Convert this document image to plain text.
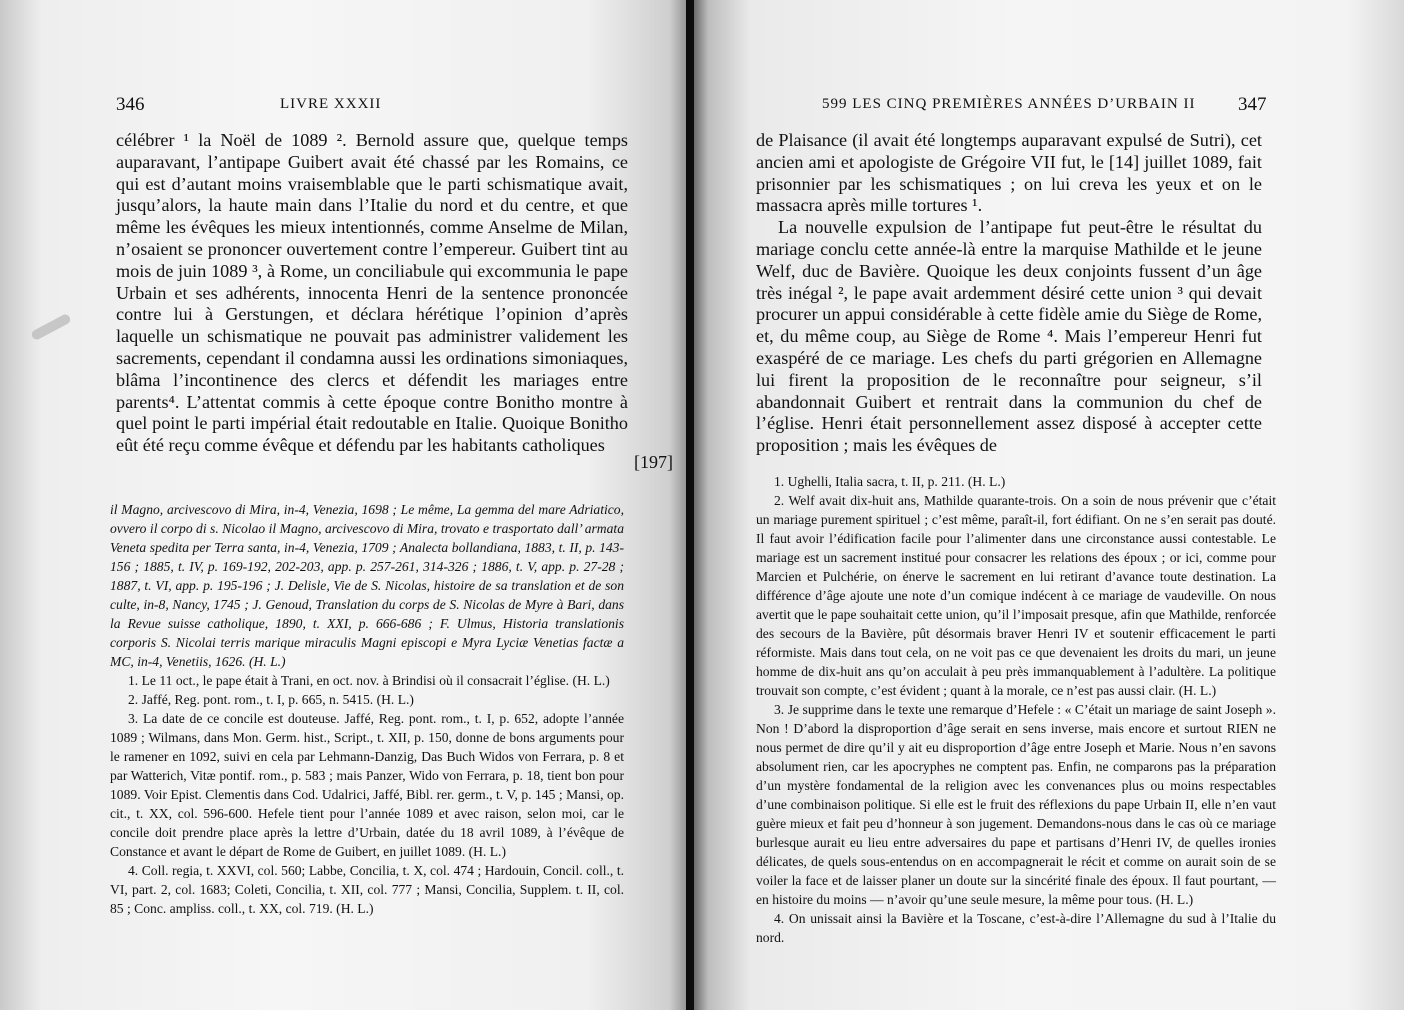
346	LIVRE XXXII

célébrer ¹ la Noël de 1089 ². Bernold assure que, quelque temps auparavant, l’antipape Guibert avait été chassé par les Romains, ce qui est d’autant moins vraisemblable que le parti schismatique avait, jusqu’alors, la haute main dans l’Italie du nord et du centre, et que même les évêques les mieux intentionnés, comme Anselme de Milan, n’osaient se prononcer ouvertement contre l’empereur. Guibert tint au mois de juin 1089 ³, à Rome, un conciliabule qui excommunia le pape Urbain et ses adhérents, innocenta Henri de la sentence prononcée contre lui à Gerstungen, et déclara hérétique l’opinion d’après laquelle un schismatique ne pouvait pas administrer validement les sacrements, cependant il condamna aussi les ordinations simoniaques, blâma l’incontinence des clercs et défendit les mariages entre parents⁴. L’attentat commis à cette époque contre Bonitho montre à quel point le parti impérial était redoutable en Italie. Quoique Bonitho eût été reçu comme évêque et défendu par les habitants catholiques

[197]

il Magno, arcivescovo di Mira, in-4, Venezia, 1698 ; Le même, La gemma del mare Adriatico, ovvero il corpo di s. Nicolao il Magno, arcivescovo di Mira, trovato e trasportato dall’ armata Veneta spedita per Terra santa, in-4, Venezia, 1709 ; Analecta bollandiana, 1883, t. II, p. 143-156 ; 1885, t. IV, p. 169-192, 202-203, app. p. 257-261, 314-326 ; 1886, t. V, app. p. 27-28 ; 1887, t. VI, app. p. 195-196 ; J. Delisle, Vie de S. Nicolas, histoire de sa translation et de son culte, in-8, Nancy, 1745 ; J. Genoud, Translation du corps de S. Nicolas de Myre à Bari, dans la Revue suisse catholique, 1890, t. XXI, p. 666-686 ; F. Ulmus, Historia translationis corporis S. Nicolai terris marique miraculis Magni episcopi e Myra Lyciæ Venetias factæ a MC, in-4, Venetiis, 1626. (H. L.)

1. Le 11 oct., le pape était à Trani, en oct. nov. à Brindisi où il consacrait l’église. (H. L.)

2. Jaffé, Reg. pont. rom., t. I, p. 665, n. 5415. (H. L.)

3. La date de ce concile est douteuse. Jaffé, Reg. pont. rom., t. I, p. 652, adopte l’année 1089 ; Wilmans, dans Mon. Germ. hist., Script., t. XII, p. 150, donne de bons arguments pour le ramener en 1092, suivi en cela par Lehmann-Danzig, Das Buch Widos von Ferrara, p. 8 et par Watterich, Vitæ pontif. rom., p. 583 ; mais Panzer, Wido von Ferrara, p. 18, tient bon pour 1089. Voir Epist. Clementis dans Cod. Udalrici, Jaffé, Bibl. rer. germ., t. V, p. 145 ; Mansi, op. cit., t. XX, col. 596-600. Hefele tient pour l’année 1089 et avec raison, selon moi, car le concile doit prendre place après la lettre d’Urbain, datée du 18 avril 1089, à l’évêque de Constance et avant le départ de Rome de Guibert, en juillet 1089. (H. L.)

4. Coll. regia, t. XXVI, col. 560; Labbe, Concilia, t. X, col. 474 ; Hardouin, Concil. coll., t. VI, part. 2, col. 1683; Coleti, Concilia, t. XII, col. 777 ; Mansi, Concilia, Supplem. t. II, col. 85 ; Conc. ampliss. coll., t. XX, col. 719. (H. L.)

599 LES CINQ PREMIÈRES ANNÉES D’URBAIN II 347

de Plaisance (il avait été longtemps auparavant expulsé de Sutri), cet ancien ami et apologiste de Grégoire VII fut, le [14] juillet 1089, fait prisonnier par les schismatiques ; on lui creva les yeux et on le massacra après mille tortures ¹.

La nouvelle expulsion de l’antipape fut peut-être le résultat du mariage conclu cette année-là entre la marquise Mathilde et le jeune Welf, duc de Bavière. Quoique les deux conjoints fussent d’un âge très inégal ², le pape avait ardemment désiré cette union ³ qui devait procurer un appui considérable à cette fidèle amie du Siège de Rome, et, du même coup, au Siège de Rome ⁴. Mais l’empereur Henri fut exaspéré de ce mariage. Les chefs du parti grégorien en Allemagne lui firent la proposition de le reconnaître pour seigneur, s’il abandonnait Guibert et rentrait dans la communion du chef de l’église. Henri était personnellement assez disposé à accepter cette proposition ; mais les évêques de

1. Ughelli, Italia sacra, t. II, p. 211. (H. L.)

2. Welf avait dix-huit ans, Mathilde quarante-trois. On a soin de nous prévenir que c’était un mariage purement spirituel ; c’est même, paraît-il, fort édifiant. On ne s’en serait pas douté. Il faut avoir l’édification facile pour l’alimenter dans une circonstance aussi contestable. Le mariage est un sacrement institué pour consacrer les relations des époux ; or ici, comme pour Marcien et Pulchérie, on énerve le sacrement en lui retirant d’avance toute destination. La différence d’âge ajoute une note d’un comique indécent à ce mariage de vaudeville. On nous avertit que le pape souhaitait cette union, qu’il l’imposait presque, afin que Mathilde, renforcée des secours de la Bavière, pût désormais braver Henri IV et soutenir efficacement le parti réformiste. Mais dans tout cela, on ne voit pas ce que devenaient les droits du mari, un jeune homme de dix-huit ans qu’on acculait à peu près immanquablement à l’adultère. La politique trouvait son compte, c’est évident ; quant à la morale, ce n’est pas aussi clair. (H. L.)

3. Je supprime dans le texte une remarque d’Hefele : « C’était un mariage de saint Joseph ». Non ! D’abord la disproportion d’âge serait en sens inverse, mais encore et surtout RIEN ne nous permet de dire qu’il y ait eu disproportion d’âge entre Joseph et Marie. Nous n’en savons absolument rien, car les apocryphes ne comptent pas. Enfin, ne comparons pas la préparation d’un mystère fondamental de la religion avec les convenances plus ou moins respectables d’une combinaison politique. Si elle est le fruit des réflexions du pape Urbain II, elle n’en vaut guère mieux et fait peu d’honneur à son jugement. Demandons-nous dans le cas où ce mariage burlesque aurait eu lieu entre adversaires du pape et partisans d’Henri IV, de quelles ironies délicates, de quels sous-entendus on en accompagnerait le récit et comme on aurait soin de se voiler la face et de laisser planer un doute sur la sincérité finale des époux. Il faut pourtant, — en histoire du moins — n’avoir qu’une seule mesure, la même pour tous. (H. L.)

4. On unissait ainsi la Bavière et la Toscane, c’est-à-dire l’Allemagne du sud à l’Italie du nord.
